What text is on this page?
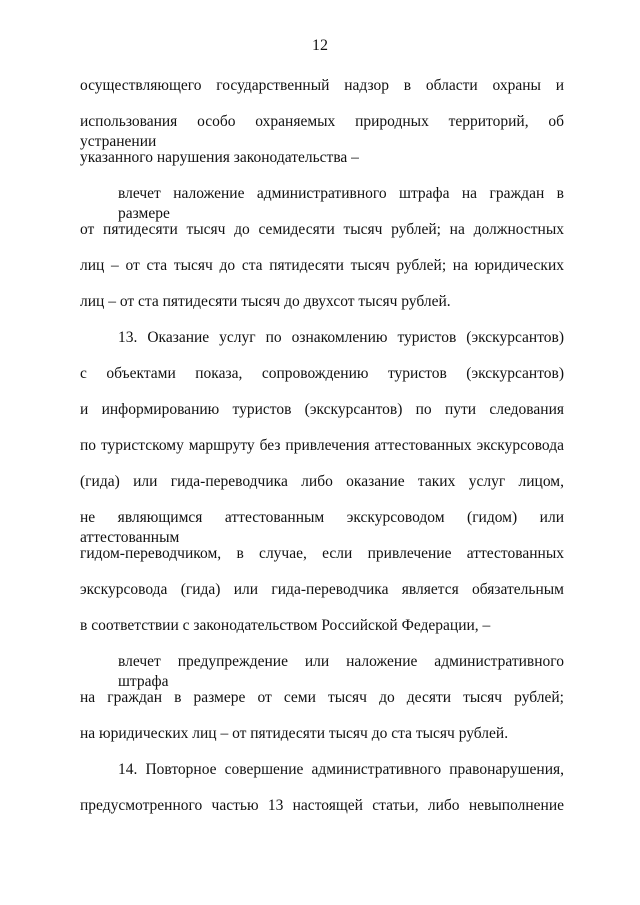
12
осуществляющего государственный надзор в области охраны и
использования особо охраняемых природных территорий, об устранении
указанного нарушения законодательства –
влечет наложение административного штрафа на граждан в размере
от пятидесяти тысяч до семидесяти тысяч рублей; на должностных
лиц – от ста тысяч до ста пятидесяти тысяч рублей; на юридических
лиц – от ста пятидесяти тысяч до двухсот тысяч рублей.
13. Оказание услуг по ознакомлению туристов (экскурсантов)
с объектами показа, сопровождению туристов (экскурсантов)
и информированию туристов (экскурсантов) по пути следования
по туристскому маршруту без привлечения аттестованных экскурсовода
(гида) или гида-переводчика либо оказание таких услуг лицом,
не являющимся аттестованным экскурсоводом (гидом) или аттестованным
гидом-переводчиком, в случае, если привлечение аттестованных
экскурсовода (гида) или гида-переводчика является обязательным
в соответствии с законодательством Российской Федерации, –
влечет предупреждение или наложение административного штрафа
на граждан в размере от семи тысяч до десяти тысяч рублей;
на юридических лиц – от пятидесяти тысяч до ста тысяч рублей.
14. Повторное совершение административного правонарушения,
предусмотренного частью 13 настоящей статьи, либо невыполнение
